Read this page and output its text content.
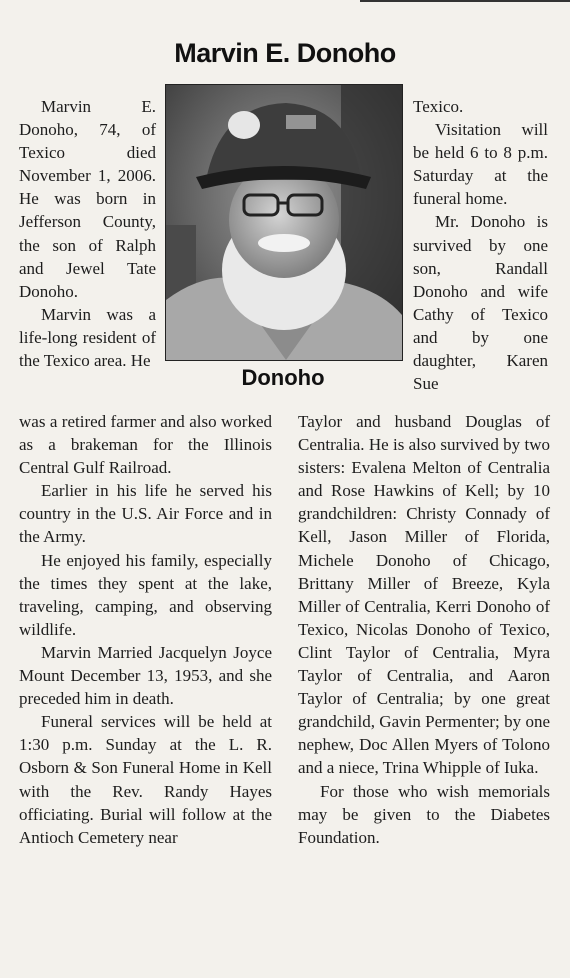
Marvin E. Donoho
Donoho

Marvin E. Donoho, 74, of Texico died November 1, 2006. He was born in Jefferson County, the son of Ralph and Jewel Tate Donoho.

Marvin was a life-long resident of the Texico area. He

was a retired farmer and also worked as a brakeman for the Illinois Central Gulf Railroad.

Earlier in his life he served his country in the U.S. Air Force and in the Army.

He enjoyed his family, especially the times they spent at the lake, traveling, camping, and observing wildlife.

Marvin Married Jacquelyn Joyce Mount December 13, 1953, and she preceded him in death.

Funeral services will be held at 1:30 p.m. Sunday at the L. R. Osborn & Son Funeral Home in Kell with the Rev. Randy Hayes officiating. Burial will follow at the Antioch Cemetery near

Texico.

Visitation will be held 6 to 8 p.m. Saturday at the funeral home.

Mr. Donoho is survived by one son, Randall Donoho and wife Cathy of Texico and by one daughter, Karen Sue

Taylor and husband Douglas of Centralia. He is also survived by two sisters: Evalena Melton of Centralia and Rose Hawkins of Kell; by 10 grandchildren: Christy Connady of Kell, Jason Miller of Florida, Michele Donoho of Chicago, Brittany Miller of Breeze, Kyla Miller of Centralia, Kerri Donoho of Texico, Nicolas Donoho of Texico, Clint Taylor of Centralia, Myra Taylor of Centralia, and Aaron Taylor of Centralia; by one great grandchild, Gavin Permenter; by one nephew, Doc Allen Myers of Tolono and a niece, Trina Whipple of Iuka.

For those who wish memorials may be given to the Diabetes Foundation.
